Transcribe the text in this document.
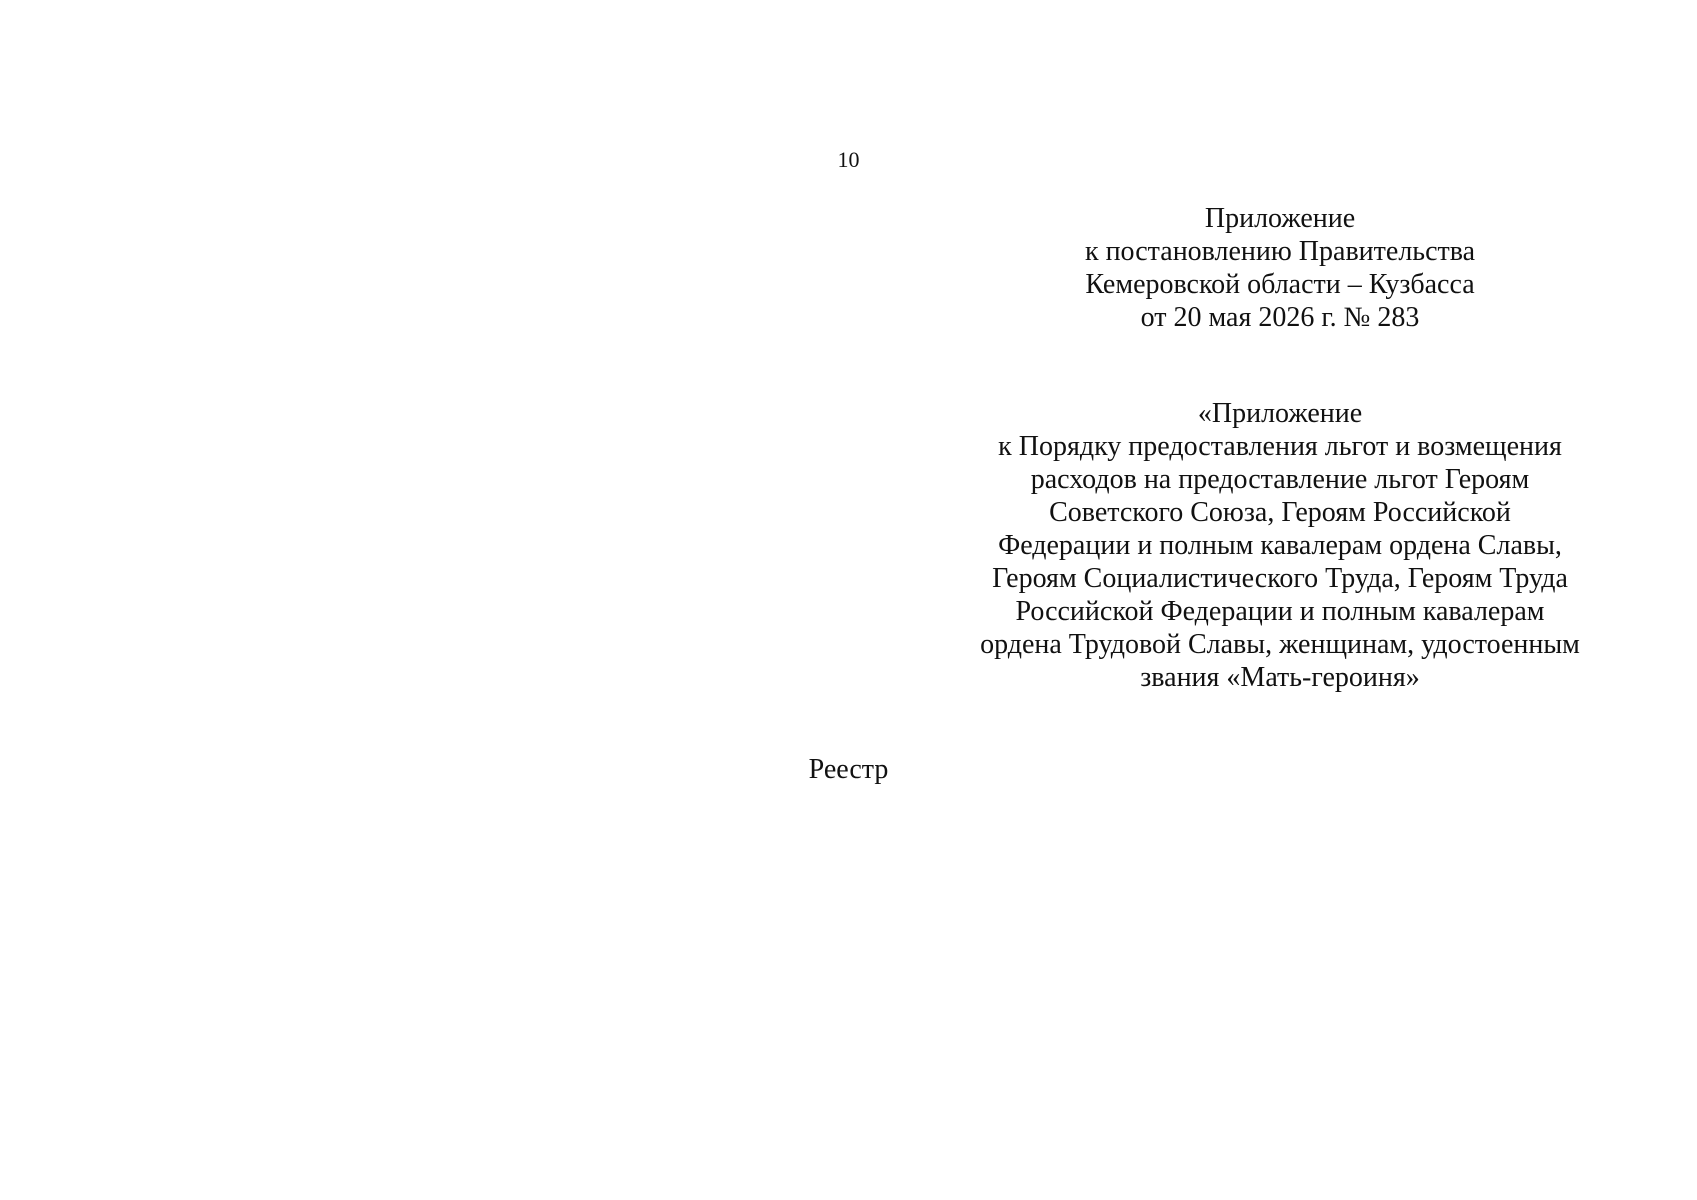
10
Приложение
к постановлению Правительства
Кемеровской области – Кузбасса
от 20 мая 2026 г. № 283
«Приложение
к Порядку предоставления льгот и возмещения
расходов на предоставление льгот Героям
Советского Союза, Героям Российской
Федерации и полным кавалерам ордена Славы,
Героям Социалистического Труда, Героям Труда
Российской Федерации и полным кавалерам
ордена Трудовой Славы, женщинам, удостоенным
звания «Мать-героиня»
Реестр
